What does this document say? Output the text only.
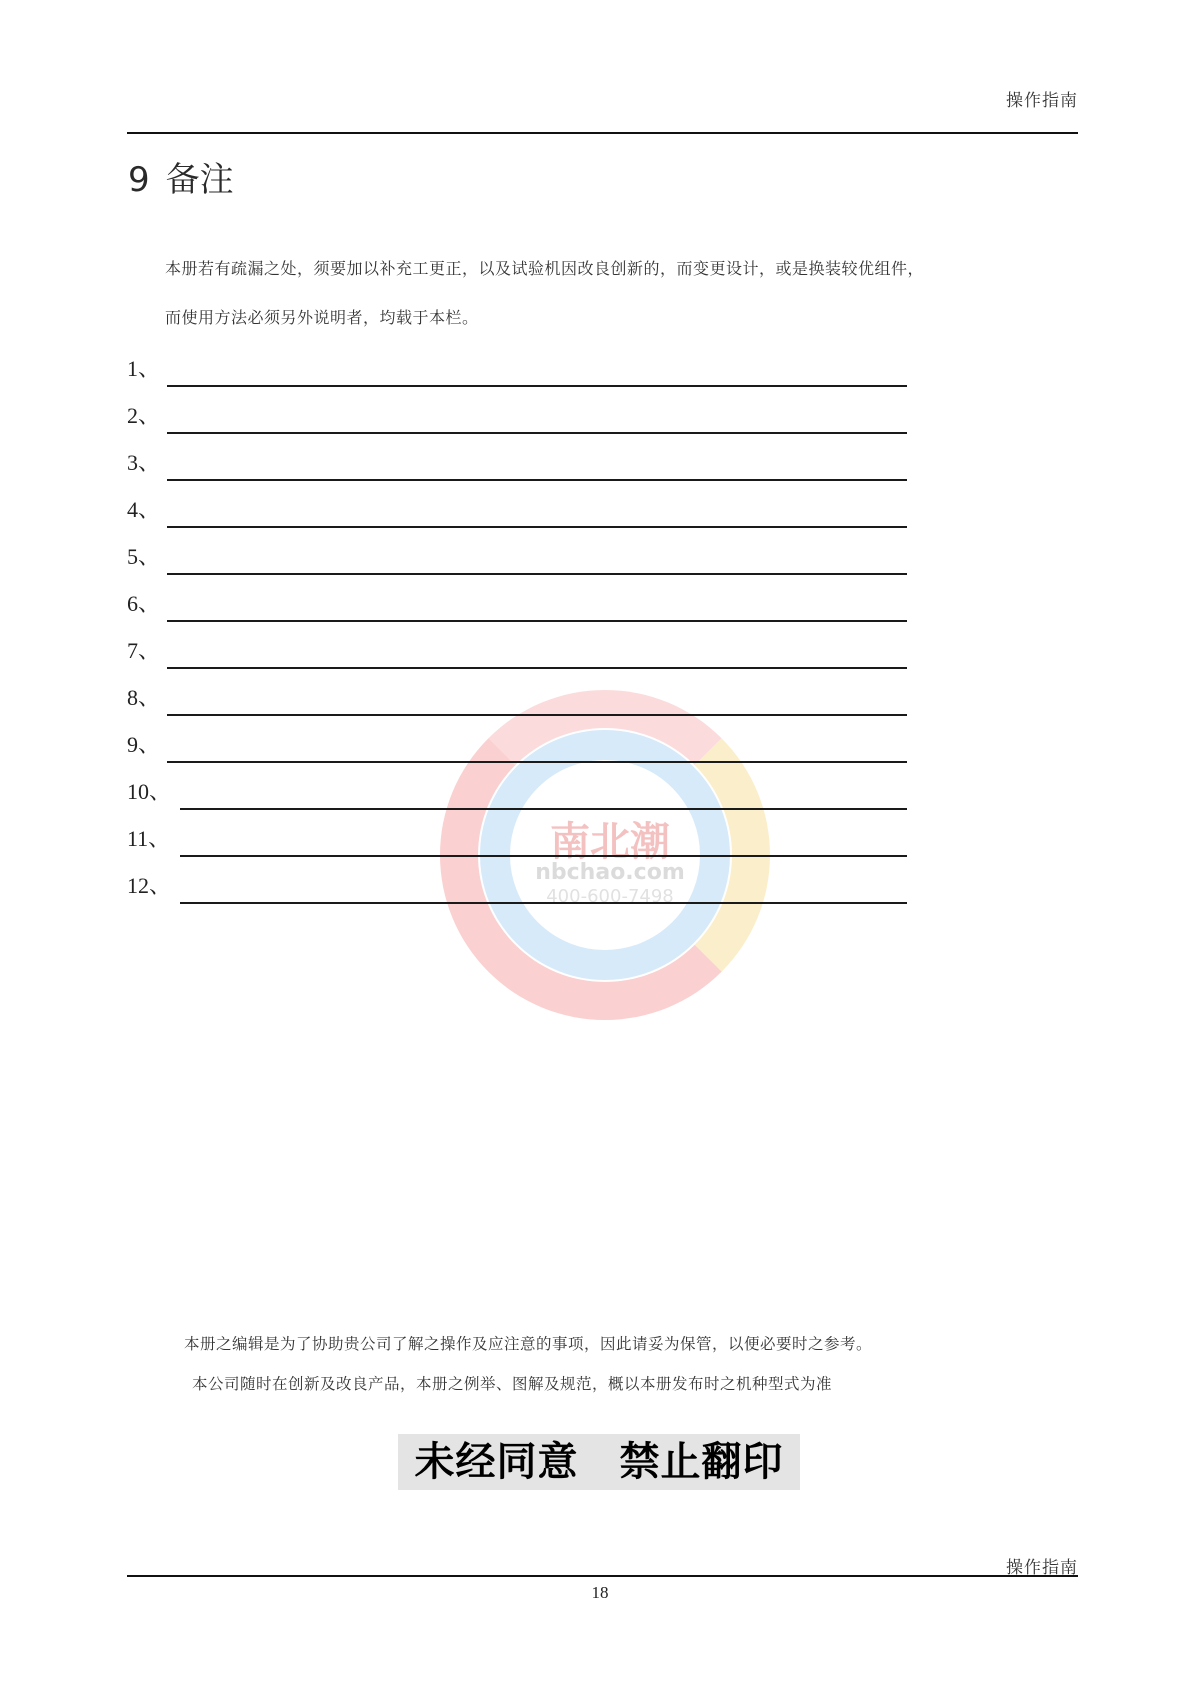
操作指南
9 备注
本册若有疏漏之处，须要加以补充工更正，以及试验机因改良创新的，而变更设计，或是换装较优组件，
而使用方法必须另外说明者，均载于本栏。
南北潮
nbchao.com
400-600-7498
1、
2、
3、
4、
5、
6、
7、
8、
9、
10、
11、
12、
本册之编辑是为了协助贵公司了解之操作及应注意的事项，因此请妥为保管，以便必要时之参考。
本公司随时在创新及改良产品，本册之例举、图解及规范，概以本册发布时之机种型式为准
未经同意　禁止翻印
操作指南
18
